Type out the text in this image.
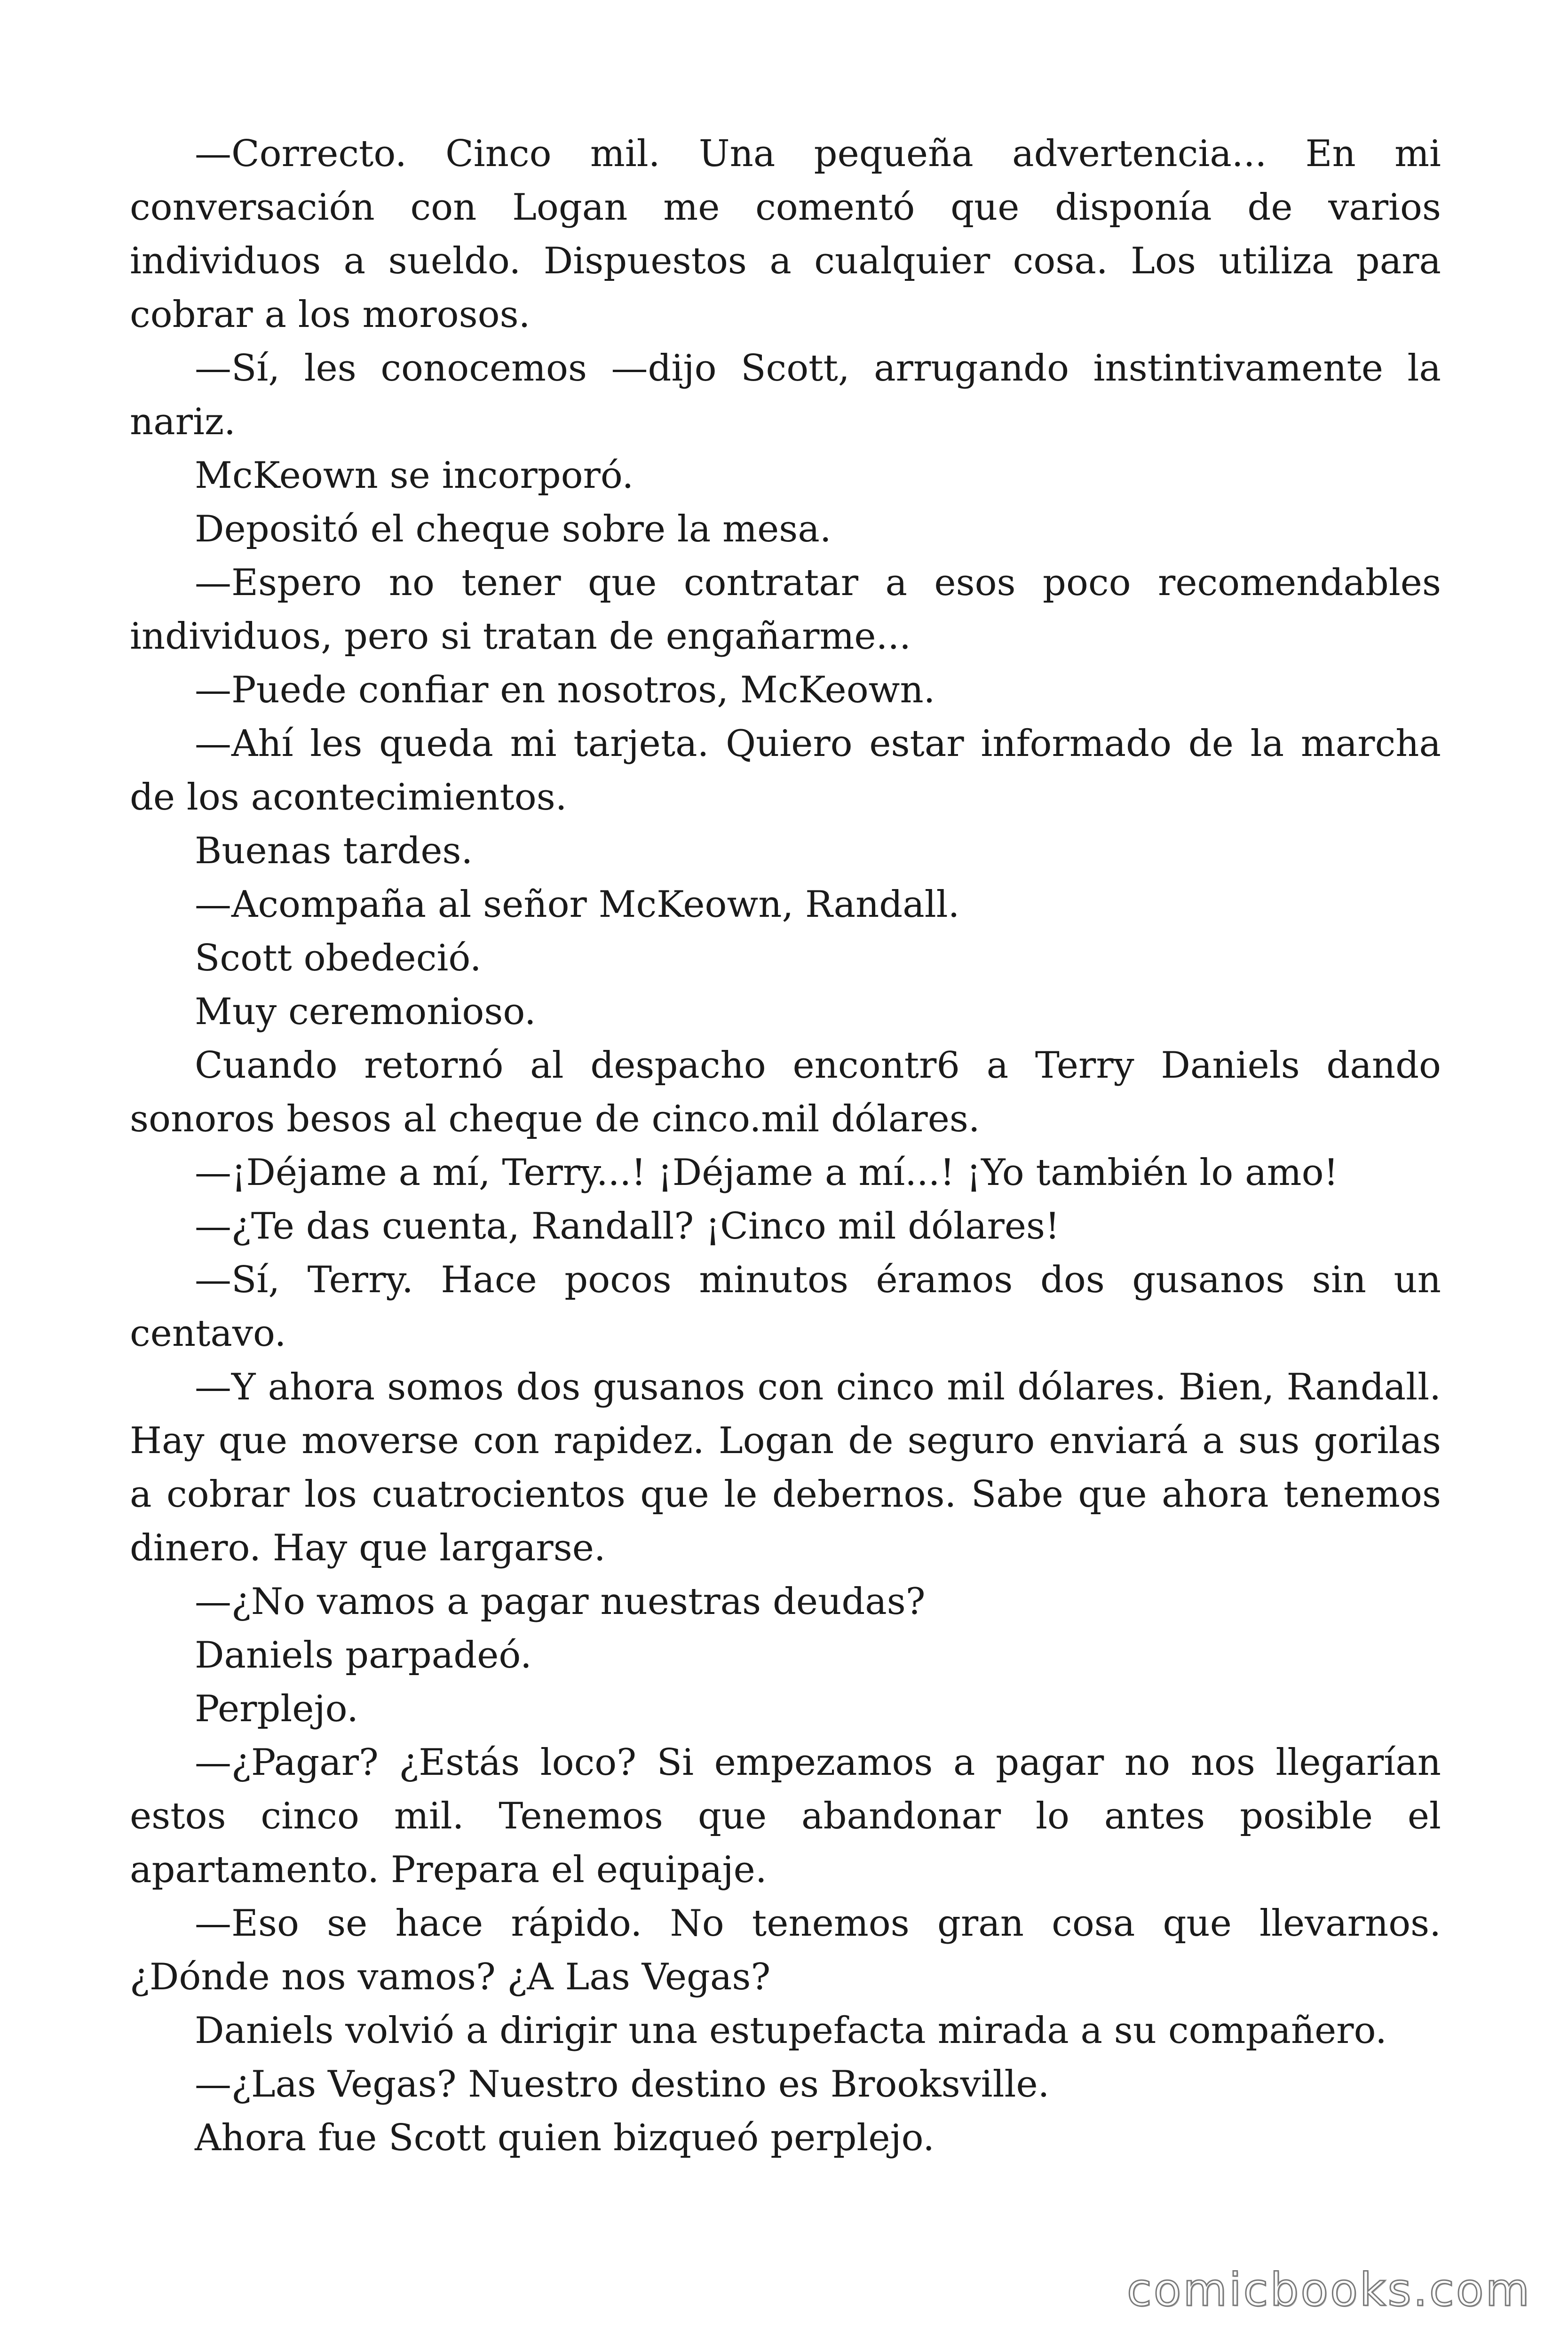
—Correcto. Cinco mil. Una pequeña advertencia... En mi conversación con Logan me comentó que disponía de varios individuos a sueldo. Dispuestos a cualquier cosa. Los utiliza para cobrar a los morosos.

—Sí, les conocemos —dijo Scott, arrugando instintivamente la nariz.

McKeown se incorporó.

Depositó el cheque sobre la mesa.

—Espero no tener que contratar a esos poco recomendables individuos, pero si tratan de engañarme...

—Puede confiar en nosotros, McKeown.

—Ahí les queda mi tarjeta. Quiero estar informado de la marcha de los acontecimientos.

Buenas tardes.

—Acompaña al señor McKeown, Randall.

Scott obedeció.

Muy ceremonioso.

Cuando retornó al despacho encontr6 a Terry Daniels dando sonoros besos al cheque de cinco.mil dólares.

—¡Déjame a mí, Terry...! ¡Déjame a mí...! ¡Yo también lo amo!

—¿Te das cuenta, Randall? ¡Cinco mil dólares!

—Sí, Terry. Hace pocos minutos éramos dos gusanos sin un centavo.

—Y ahora somos dos gusanos con cinco mil dólares. Bien, Randall. Hay que moverse con rapidez. Logan de seguro enviará a sus gorilas a cobrar los cuatrocientos que le debernos. Sabe que ahora tenemos dinero. Hay que largarse.

—¿No vamos a pagar nuestras deudas?

Daniels parpadeó.

Perplejo.

—¿Pagar? ¿Estás loco? Si empezamos a pagar no nos llegarían estos cinco mil. Tenemos que abandonar lo antes posible el apartamento. Prepara el equipaje.

—Eso se hace rápido. No tenemos gran cosa que llevarnos. ¿Dónde nos vamos? ¿A Las Vegas?

Daniels volvió a dirigir una estupefacta mirada a su compañero.

—¿Las Vegas? Nuestro destino es Brooksville.

Ahora fue Scott quien bizqueó perplejo.

comicbooks.com
